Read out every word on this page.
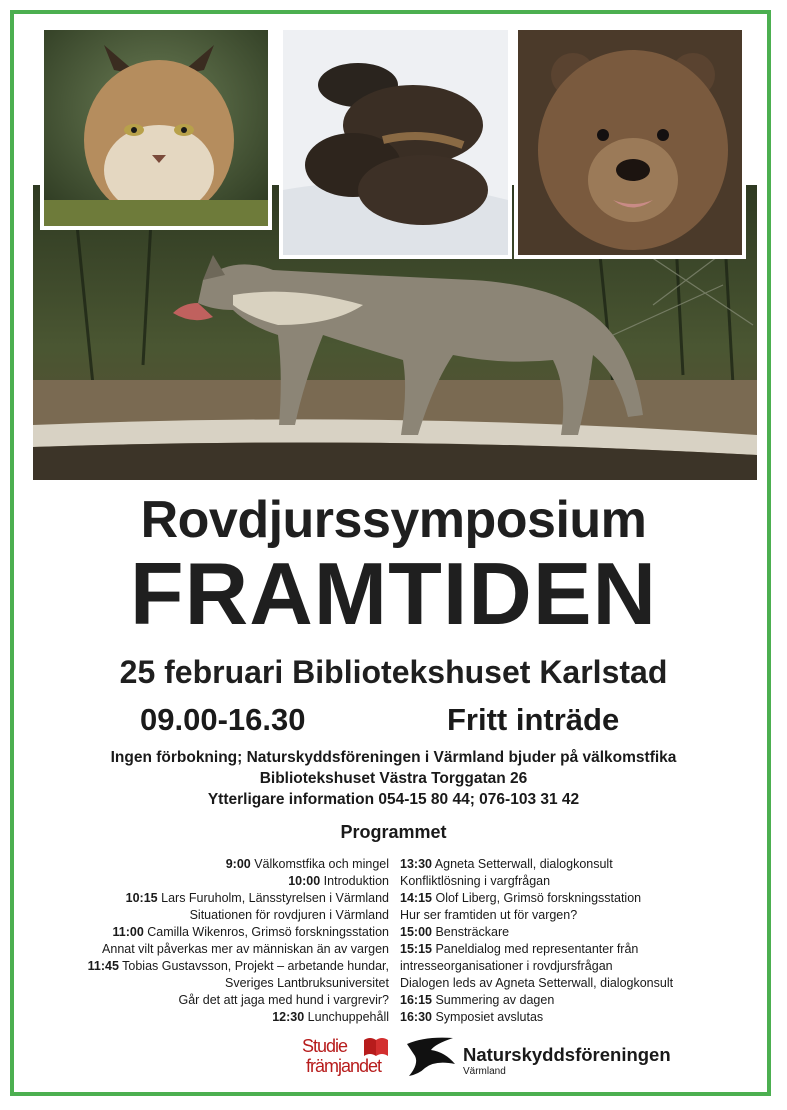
Rovdjurssymposium
FRAMTIDEN
25 februari Bibliotekshuset Karlstad
09.00-16.30	Fritt inträde
Ingen förbokning; Naturskyddsföreningen i Värmland bjuder på välkomstfika
Bibliotekshuset Västra Torggatan 26
Ytterligare information 054-15 80 44; 076-103 31 42
Programmet
9:00 Välkomstfika och mingel
10:00 Introduktion
10:15 Lars Furuholm, Länsstyrelsen i Värmland
Situationen för rovdjuren i Värmland
11:00 Camilla Wikenros, Grimsö forskningsstation
Annat vilt påverkas mer av människan än av vargen
11:45 Tobias Gustavsson, Projekt – arbetande hundar,
Sveriges Lantbruksuniversitet
Går det att jaga med hund i vargrevir?
12:30 Lunchuppehåll
13:30 Agneta Setterwall, dialogkonsult
Konfliktlösning i vargfrågan
14:15 Olof Liberg, Grimsö forskningsstation
Hur ser framtiden ut för vargen?
15:00 Bensträckare
15:15 Paneldialog med representanter från
intresseorganisationer i rovdjursfrågan
Dialogen leds av Agneta Setterwall, dialogkonsult
16:15 Summering av dagen
16:30 Symposiet avslutas
Studie
främjandet
Naturskyddsföreningen
Värmland
